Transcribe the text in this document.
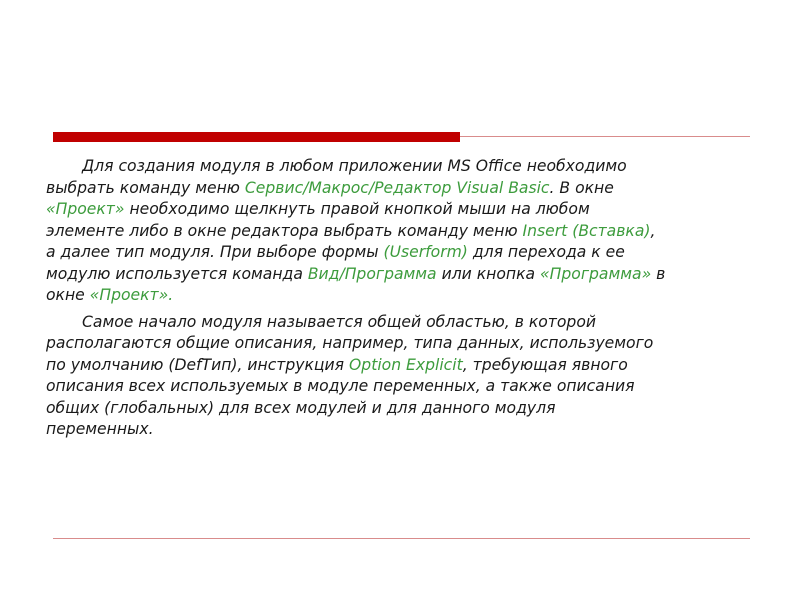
Для создания модуля в любом приложении MS Office необходимо
выбрать команду меню Сервис/Макрос/Редактор Visual Basic. В окне
«Проект» необходимо щелкнуть правой кнопкой мыши на любом
элементе либо в окне редактора выбрать команду меню Insert (Вставка),
а далее тип модуля. При выборе формы (Userform) для перехода к ее
модулю используется команда Вид/Программа или кнопка «Программа» в
окне «Проект».

Самое начало модуля называется общей областью, в которой
располагаются общие описания, например, типа данных, используемого
по умолчанию (DefТип), инструкция Option Explicit, требующая явного
описания всех используемых в модуле переменных, а также описания
общих (глобальных) для всех модулей и для данного модуля
переменных.
